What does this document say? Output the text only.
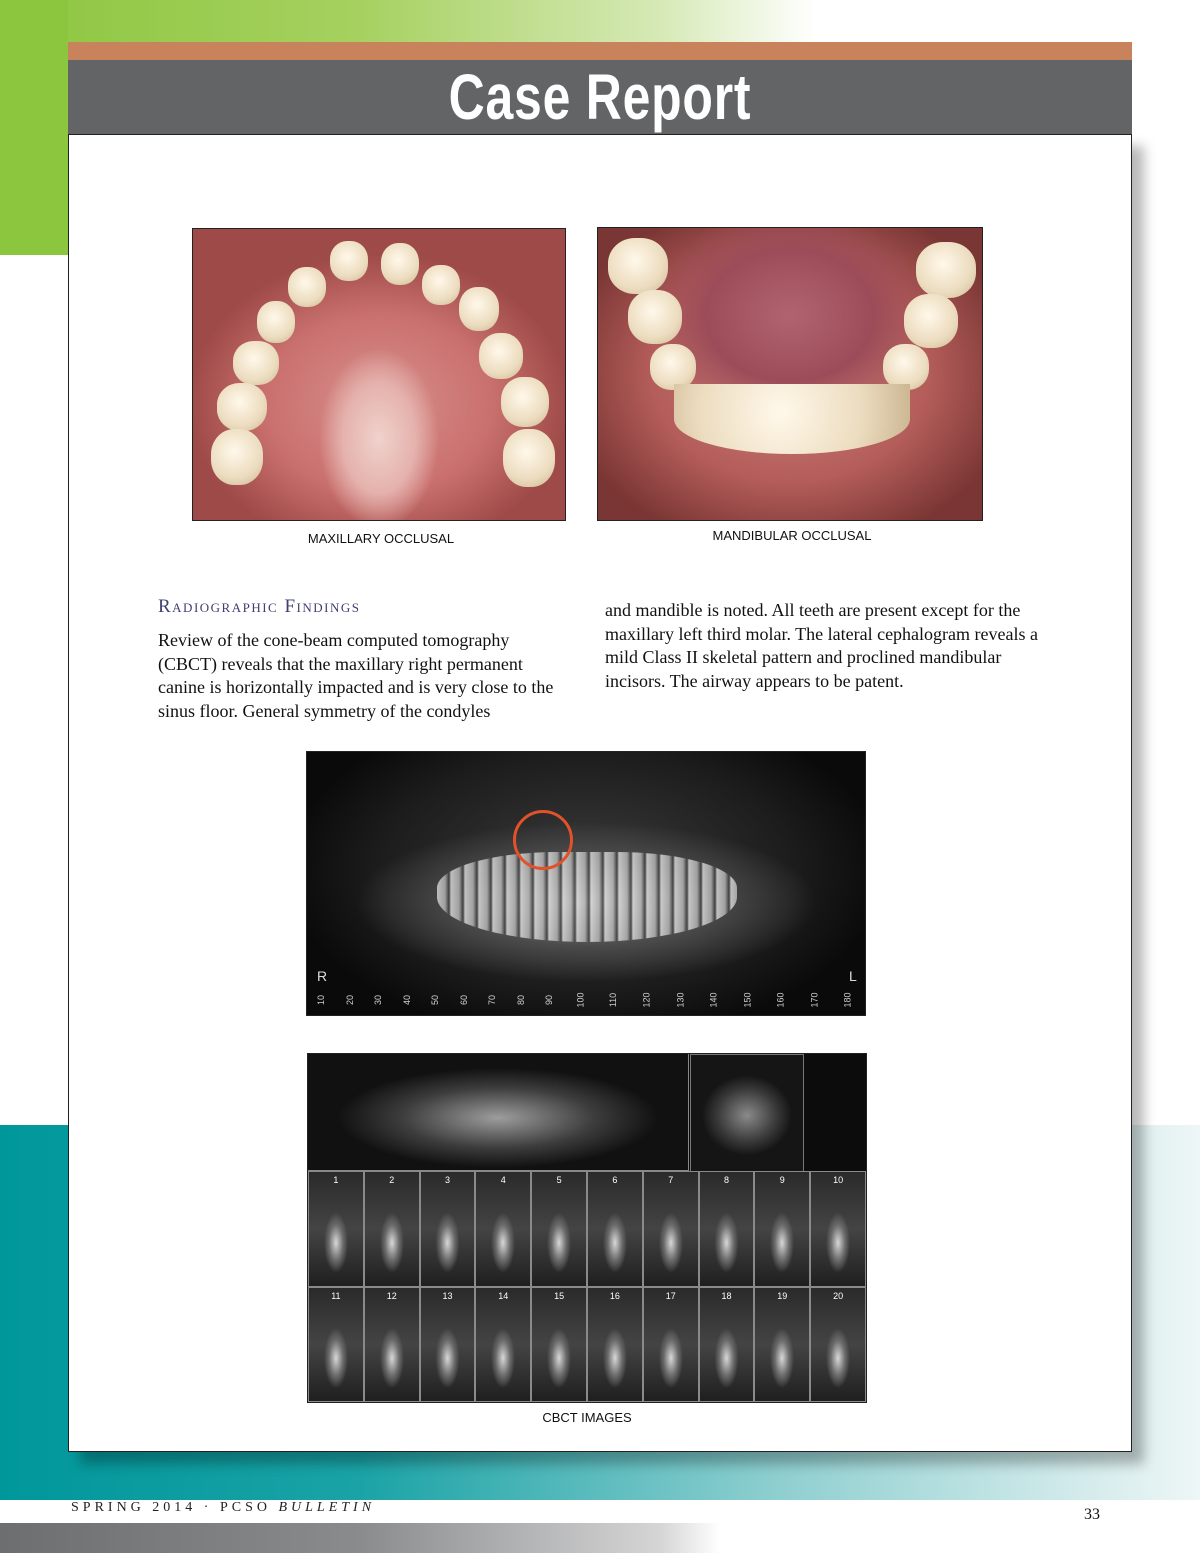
Case Report
MAXILLARY OCCLUSAL	MANDIBULAR OCCLUSAL
Radiographic Findings
Review of the cone-beam computed tomography (CBCT) reveals that the maxillary right permanent canine is horizontally impacted and is very close to the sinus floor. General symmetry of the condyles
and mandible is noted. All teeth are present except for the maxillary left third molar. The lateral cephalogram reveals a mild Class II skeletal pattern and proclined mandibular incisors. The airway appears to be patent.
R	L
10 20 30 40 50 60 70 80 90 100	110	120	130	140	150	160	170	180
1	2	3	4	5	6	7	8	9	10
11	12	13	14	15	16	17	18	19	20
CBCT IMAGES
SPRING 2014 · PCSO BULLETIN	33
